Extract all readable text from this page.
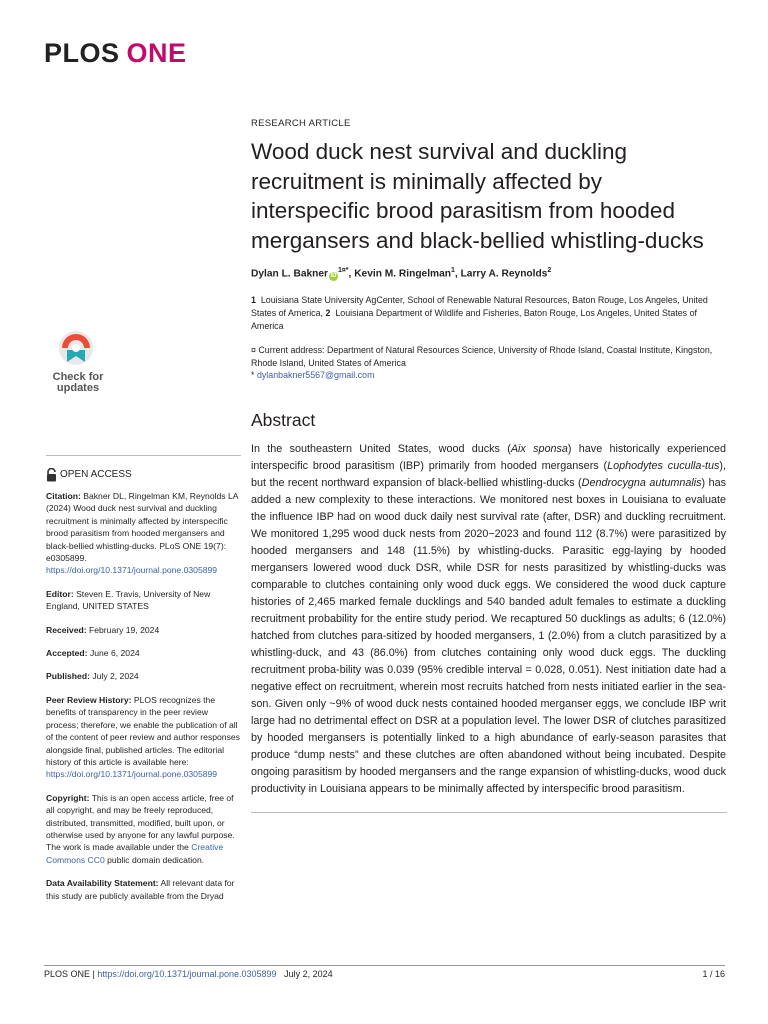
PLOS ONE
Check for
updates
OPEN ACCESS

Citation: Bakner DL, Ringelman KM, Reynolds LA (2024) Wood duck nest survival and duckling recruitment is minimally affected by interspecific brood parasitism from hooded mergansers and black-bellied whistling-ducks. PLoS ONE 19(7): e0305899. https://doi.org/10.1371/journal.pone.0305899

Editor: Steven E. Travis, University of New England, UNITED STATES

Received: February 19, 2024

Accepted: June 6, 2024

Published: July 2, 2024

Peer Review History: PLOS recognizes the benefits of transparency in the peer review process; therefore, we enable the publication of all of the content of peer review and author responses alongside final, published articles. The editorial history of this article is available here: https://doi.org/10.1371/journal.pone.0305899

Copyright: This is an open access article, free of all copyright, and may be freely reproduced, distributed, transmitted, modified, built upon, or otherwise used by anyone for any lawful purpose. The work is made available under the Creative Commons CC0 public domain dedication.

Data Availability Statement: All relevant data for this study are publicly available from the Dryad

RESEARCH ARTICLE
Wood duck nest survival and duckling recruitment is minimally affected by interspecific brood parasitism from hooded mergansers and black-bellied whistling-ducks
Dylan L. Bakner $iD^{1¤*}$, Kevin M. Ringelman$^1$, Larry A. Reynolds$^2$
1 Louisiana State University AgCenter, School of Renewable Natural Resources, Baton Rouge, Los Angeles, United States of America, 2 Louisiana Department of Wildlife and Fisheries, Baton Rouge, Los Angeles, United States of America
¤ Current address: Department of Natural Resources Science, University of Rhode Island, Coastal Institute, Kingston, Rhode Island, United States of America
* dylanbakner5567@gmail.com
Abstract

In the southeastern United States, wood ducks (Aix sponsa) have historically experienced interspecific brood parasitism (IBP) primarily from hooded mergansers (Lophodytes cuculla-tus), but the recent northward expansion of black-bellied whistling-ducks (Dendrocygna autumnalis) has added a new complexity to these interactions. We monitored nest boxes in Louisiana to evaluate the influence IBP had on wood duck daily nest survival rate (after, DSR) and duckling recruitment. We monitored 1,295 wood duck nests from 2020−2023 and found 112 (8.7%) were parasitized by hooded mergansers and 148 (11.5%) by whistling-ducks. Parasitic egg-laying by hooded mergansers lowered wood duck DSR, while DSR for nests parasitized by whistling-ducks was comparable to clutches containing only wood duck eggs. We considered the wood duck capture histories of 2,465 marked female ducklings and 540 banded adult females to estimate a duckling recruitment probability for the entire study period. We recaptured 50 ducklings as adults; 6 (12.0%) hatched from clutches para-sitized by hooded mergansers, 1 (2.0%) from a clutch parasitized by a whistling-duck, and 43 (86.0%) from clutches containing only wood duck eggs. The duckling recruitment proba-bility was 0.039 (95% credible interval = 0.028, 0.051). Nest initiation date had a negative effect on recruitment, wherein most recruits hatched from nests initiated earlier in the sea-son. Given only ~9% of wood duck nests contained hooded merganser eggs, we conclude IBP writ large had no detrimental effect on DSR at a population level. The lower DSR of clutches parasitized by hooded mergansers is potentially linked to a high abundance of early-season parasites that produce “dump nests” and these clutches are often abandoned without being incubated. Despite ongoing parasitism by hooded mergansers and the range expansion of whistling-ducks, wood duck productivity in Louisiana appears to be minimally affected by interspecific brood parasitism.

PLOS ONE | https://doi.org/10.1371/journal.pone.0305899 July 2, 2024	1 / 16
